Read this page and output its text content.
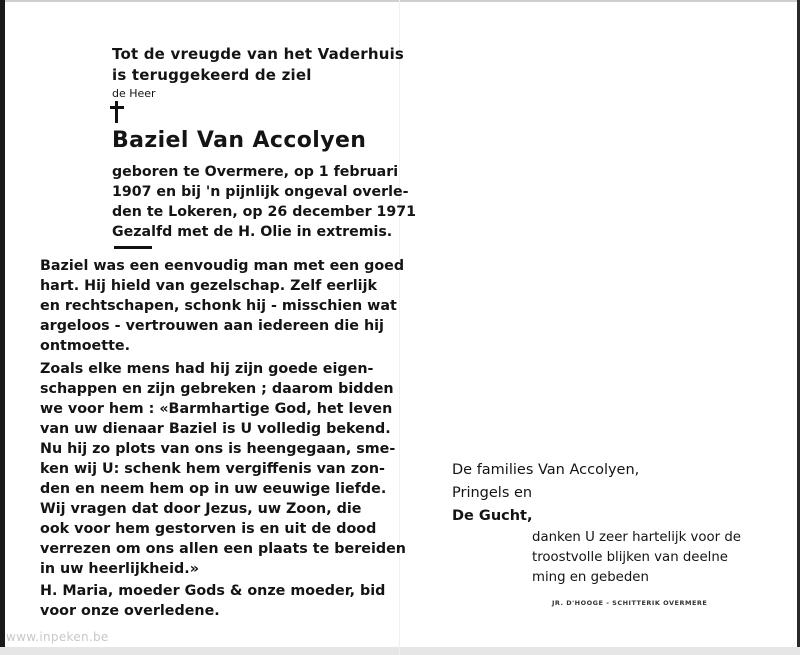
Tot de vreugde van het Vaderhuis
is teruggekeerd de ziel
de Heer
Baziel Van Accolyen
geboren te Overmere, op 1 februari
1907 en bij 'n pijnlijk ongeval overle-
den te Lokeren, op 26 december 1971
Gezalfd met de H. Olie in extremis.
Baziel was een eenvoudig man met een goed
hart. Hij hield van gezelschap. Zelf eerlijk
en rechtschapen, schonk hij - misschien wat
argeloos - vertrouwen aan iedereen die hij
ontmoette.
Zoals elke mens had hij zijn goede eigen-
schappen en zijn gebreken ; daarom bidden
we voor hem : «Barmhartige God, het leven
van uw dienaar Baziel is U volledig bekend.
Nu hij zo plots van ons is heengegaan, sme-
ken wij U: schenk hem vergiffenis van zon-
den en neem hem op in uw eeuwige liefde.
Wij vragen dat door Jezus, uw Zoon, die
ook voor hem gestorven is en uit de dood
verrezen om ons allen een plaats te bereiden
in uw heerlijkheid.»
H. Maria, moeder Gods & onze moeder, bid
voor onze overledene.
De families Van Accolyen,
Pringels en
De Gucht,
danken U zeer hartelijk voor de
troostvolle blijken van deelne
ming en gebeden
JR. D'HOOGE - SCHITTERIK OVERMERE
www.inpeken.be
